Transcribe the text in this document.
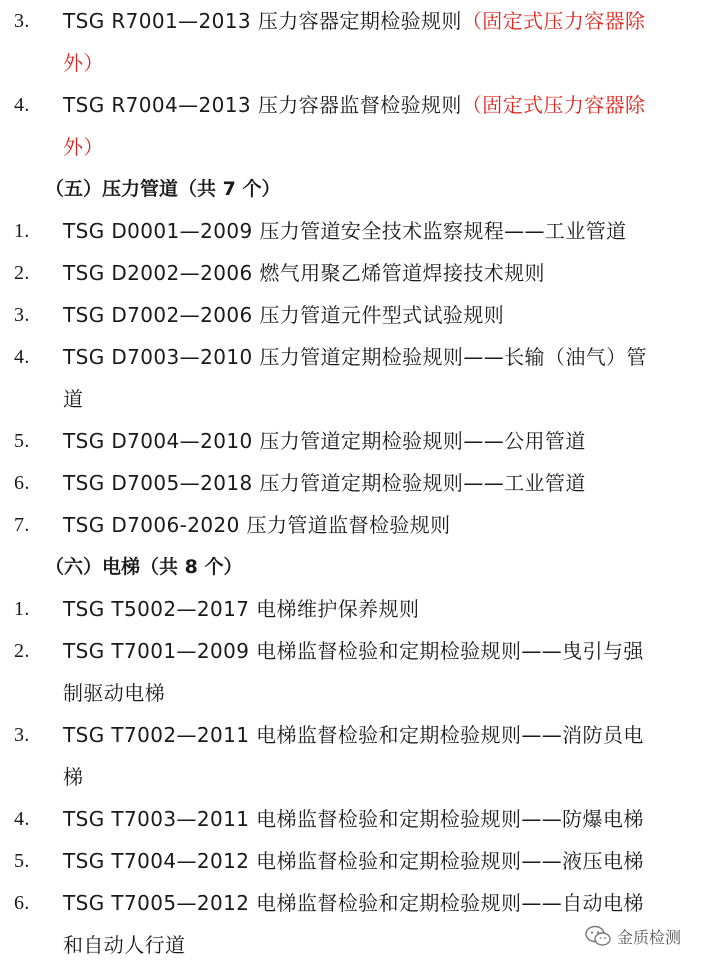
3. TSG R7001—2013 压力容器定期检验规则（固定式压力容器除
外）
4. TSG R7004—2013 压力容器监督检验规则（固定式压力容器除
外）
（五）压力管道（共 7 个）
1. TSG D0001—2009 压力管道安全技术监察规程——工业管道
2. TSG D2002—2006 燃气用聚乙烯管道焊接技术规则
3. TSG D7002—2006 压力管道元件型式试验规则
4. TSG D7003—2010 压力管道定期检验规则——长输（油气）管
道
5. TSG D7004—2010 压力管道定期检验规则——公用管道
6. TSG D7005—2018 压力管道定期检验规则——工业管道
7. TSG D7006-2020 压力管道监督检验规则
（六）电梯（共 8 个）
1. TSG T5002—2017 电梯维护保养规则
2. TSG T7001—2009 电梯监督检验和定期检验规则——曳引与强
制驱动电梯
3. TSG T7002—2011 电梯监督检验和定期检验规则——消防员电
梯
4. TSG T7003—2011 电梯监督检验和定期检验规则——防爆电梯
5. TSG T7004—2012 电梯监督检验和定期检验规则——液压电梯
6. TSG T7005—2012 电梯监督检验和定期检验规则——自动电梯
和自动人行道	金质检测
